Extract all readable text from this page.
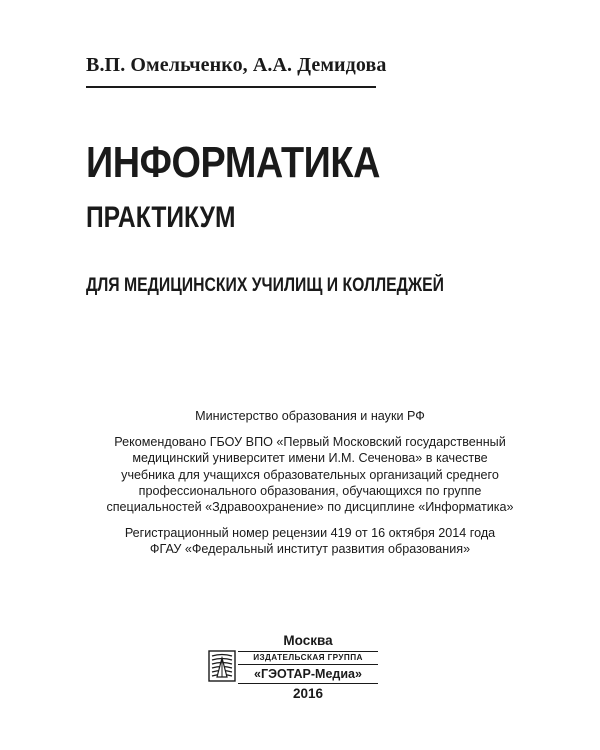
В.П. Омельченко, А.А. Демидова
ИНФОРМАТИКА
ПРАКТИКУМ
ДЛЯ МЕДИЦИНСКИХ УЧИЛИЩ И КОЛЛЕДЖЕЙ
Министерство образования и науки РФ
Рекомендовано ГБОУ ВПО «Первый Московский государственный
медицинский университет имени И.М. Сеченова» в качестве
учебника для учащихся образовательных организаций среднего
профессионального образования, обучающихся по группе
специальностей «Здравоохранение» по дисциплине «Информатика»
Регистрационный номер рецензии 419 от 16 октября 2014 года
ФГАУ «Федеральный институт развития образования»
Москва
ИЗДАТЕЛЬСКАЯ ГРУППА
«ГЭОТАР-Медиа»
2016
